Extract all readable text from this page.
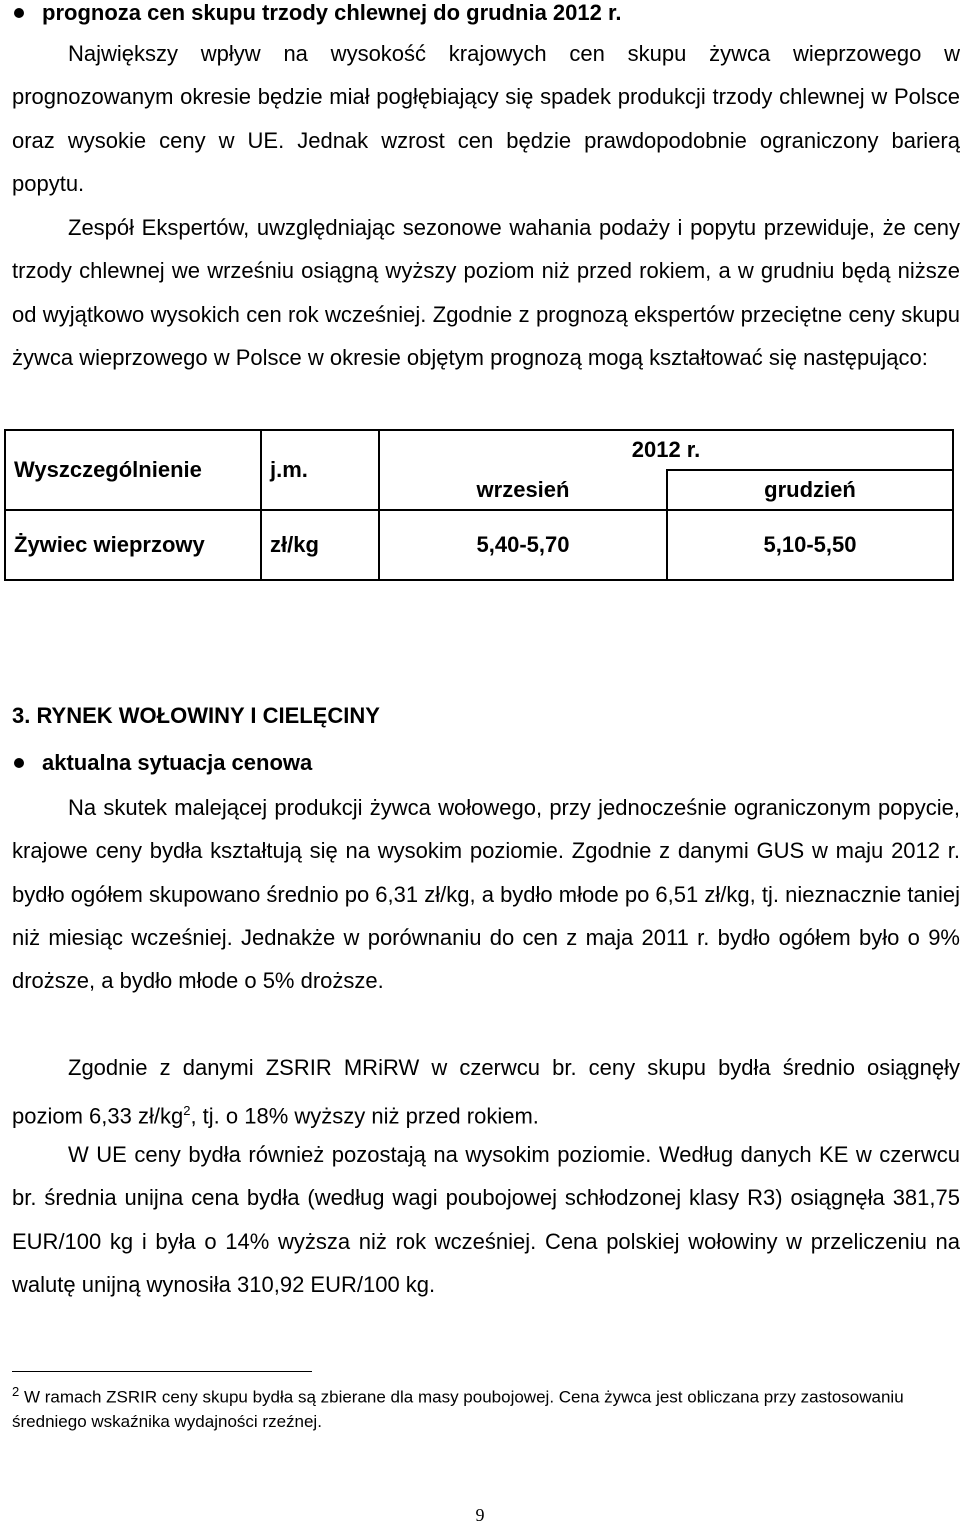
prognoza cen skupu trzody chlewnej do grudnia 2012 r.

Największy wpływ na wysokość krajowych cen skupu żywca wieprzowego w prognozowanym okresie będzie miał pogłębiający się spadek produkcji trzody chlewnej w Polsce oraz wysokie ceny w UE. Jednak wzrost cen będzie prawdopodobnie ograniczony barierą popytu.

Zespół Ekspertów, uwzględniając sezonowe wahania podaży i popytu przewiduje, że ceny trzody chlewnej we wrześniu osiągną wyższy poziom niż przed rokiem, a w grudniu będą niższe od wyjątkowo wysokich cen rok wcześniej. Zgodnie z prognozą ekspertów przeciętne ceny skupu żywca wieprzowego w Polsce w okresie objętym prognozą mogą kształtować się następująco:

Wyszczególnienie	j.m.	2012 r.	
		wrzesień	grudzień
Żywiec wieprzowy	zł/kg	5,40-5,70	5,10-5,50
3. RYNEK WOŁOWINY I CIELĘCINY
aktualna sytuacja cenowa

Na skutek malejącej produkcji żywca wołowego, przy jednocześnie ograniczonym popycie, krajowe ceny bydła kształtują się na wysokim poziomie. Zgodnie z danymi GUS w maju 2012 r. bydło ogółem skupowano średnio po 6,31 zł/kg, a bydło młode po 6,51 zł/kg, tj. nieznacznie taniej niż miesiąc wcześniej. Jednakże w porównaniu do cen z maja 2011 r. bydło ogółem było o 9% droższe, a bydło młode o 5% droższe.

Zgodnie z danymi ZSRIR MRiRW w czerwcu br. ceny skupu bydła średnio osiągnęły poziom 6,33 $zł/kg^2$, tj. o 18% wyższy niż przed rokiem.

W UE ceny bydła również pozostają na wysokim poziomie. Według danych KE w czerwcu br. średnia unijna cena bydła (według wagi poubojowej schłodzonej klasy R3) osiągnęła 381,75 EUR/100 kg i była o 14% wyższa niż rok wcześniej. Cena polskiej wołowiny w przeliczeniu na walutę unijną wynosiła 310,92 EUR/100 kg.

$^2$ W ramach ZSRIR ceny skupu bydła są zbierane dla masy poubojowej. Cena żywca jest obliczana przy zastosowaniu średniego wskaźnika wydajności rzeźnej.
9
